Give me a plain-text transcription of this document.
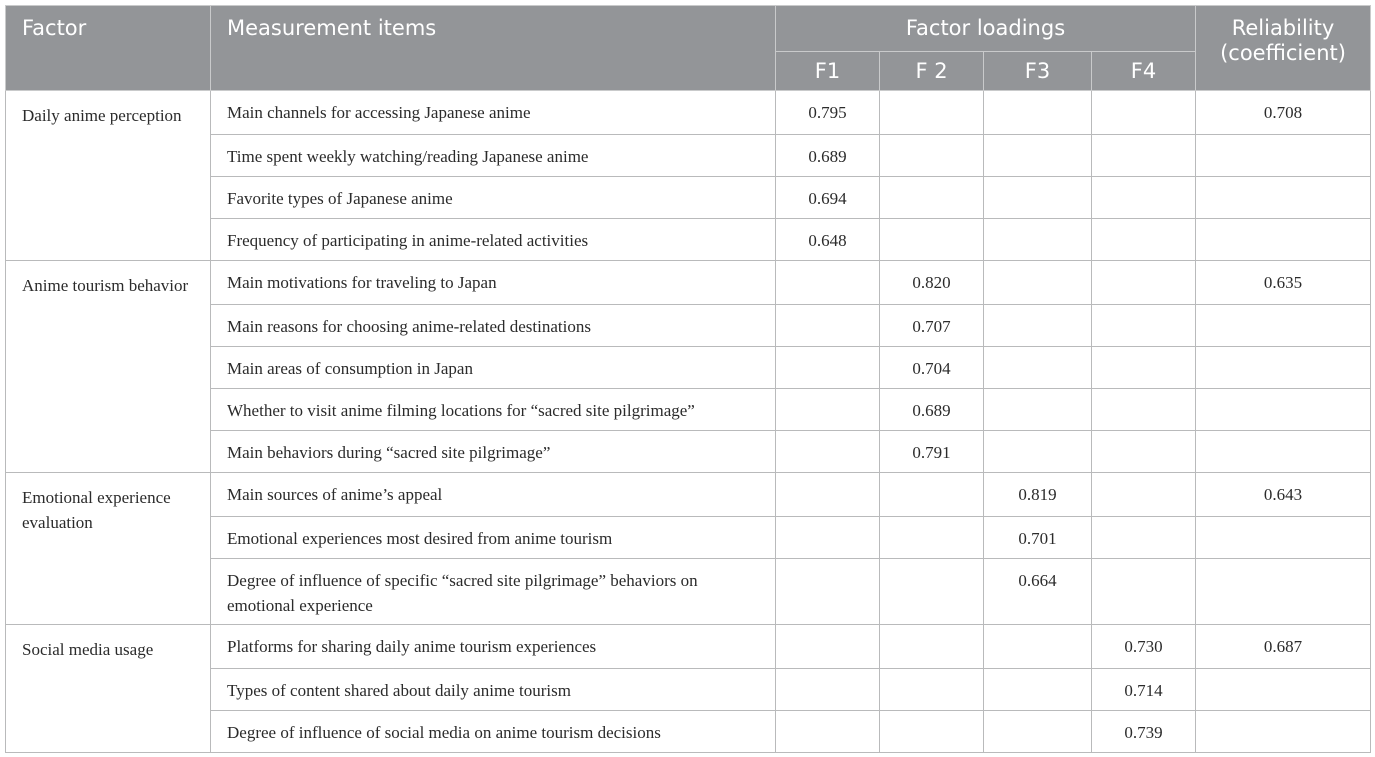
Factor	Measurement items	Factor loadings				Reliability
(coefficient)

		F1	F 2	F3	F4	
Daily anime perception	Main channels for accessing Japanese anime	0.795				0.708
	Time spent weekly watching/reading Japanese anime	0.689				
	Favorite types of Japanese anime	0.694				
	Frequency of participating in anime-related activities	0.648				
Anime tourism behavior	Main motivations for traveling to Japan		0.820			0.635
	Main reasons for choosing anime-related destinations		0.707			
	Main areas of consumption in Japan		0.704			
	Whether to visit anime filming locations for “sacred site pilgrimage”		0.689			
	Main behaviors during “sacred site pilgrimage”		0.791			
Emotional experience evaluation	Main sources of anime’s appeal			0.819		0.643
	Emotional experiences most desired from anime tourism			0.701		
	Degree of influence of specific “sacred site pilgrimage” behaviors on emotional experience			0.664		
Social media usage	Platforms for sharing daily anime tourism experiences				0.730	0.687
	Types of content shared about daily anime tourism				0.714	
	Degree of influence of social media on anime tourism decisions				0.739	
